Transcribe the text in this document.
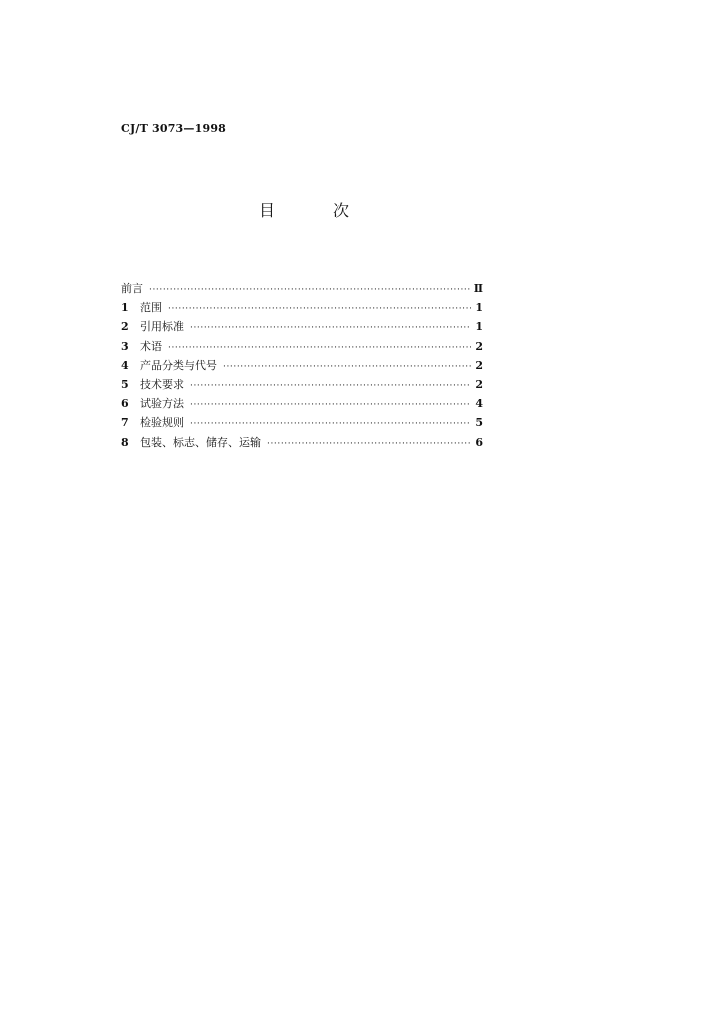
CJ/T 3073—1998
目	次
前言 ·····	Ⅱ
1	范围 ·····	1
2	引用标准 ·····	1
3	术语 ·····	2
4	产品分类与代号 ·····	2
5	技术要求 ·····	2
6	试验方法 ·····	4
7	检验规则 ·····	5
8	包装、标志、储存、运输 ·····	6
